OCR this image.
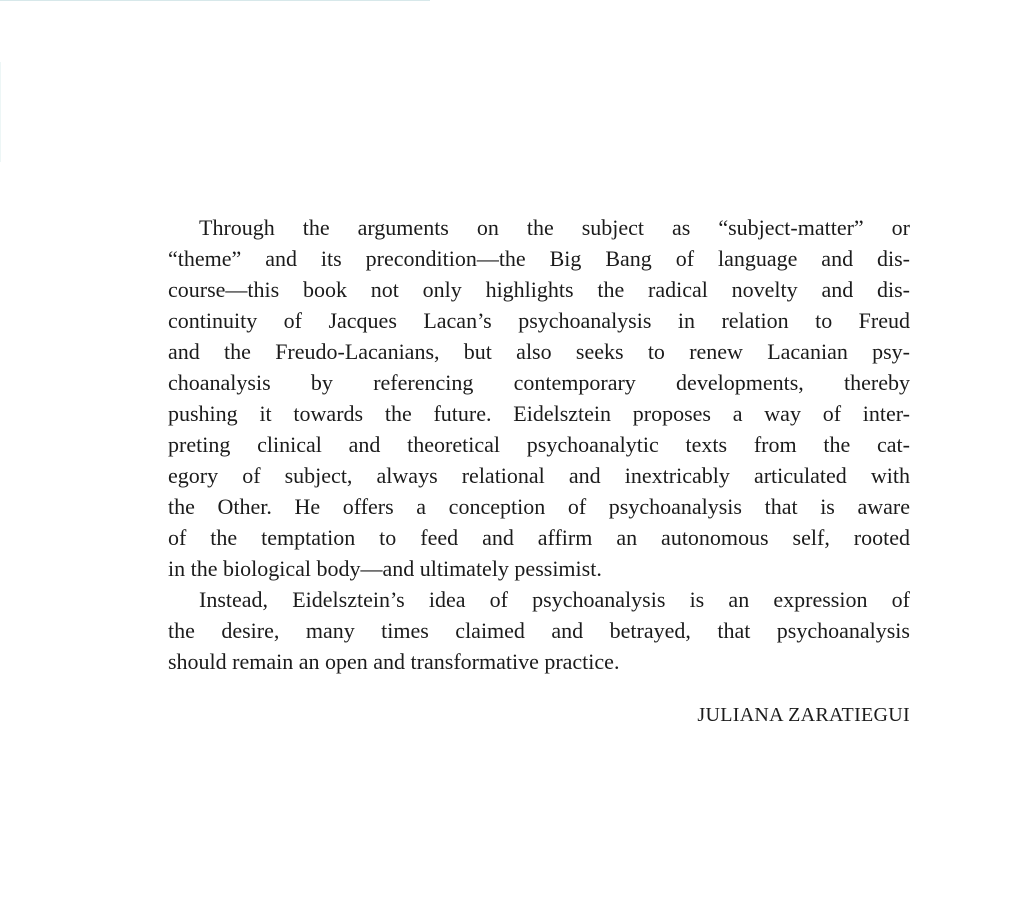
Through the arguments on the subject as “subject-matter” or
“theme” and its precondition—the Big Bang of language and dis-
course—this book not only highlights the radical novelty and dis-
continuity of Jacques Lacan’s psychoanalysis in relation to Freud
and the Freudo-Lacanians, but also seeks to renew Lacanian psy-
choanalysis by referencing contemporary developments, thereby
pushing it towards the future. Eidelsztein proposes a way of inter-
preting clinical and theoretical psychoanalytic texts from the cat-
egory of subject, always relational and inextricably articulated with
the Other. He offers a conception of psychoanalysis that is aware
of the temptation to feed and affirm an autonomous self, rooted
in the biological body—and ultimately pessimist.
Instead, Eidelsztein’s idea of psychoanalysis is an expression of
the desire, many times claimed and betrayed, that psychoanalysis
should remain an open and transformative practice.
JULIANA ZARATIEGUI
